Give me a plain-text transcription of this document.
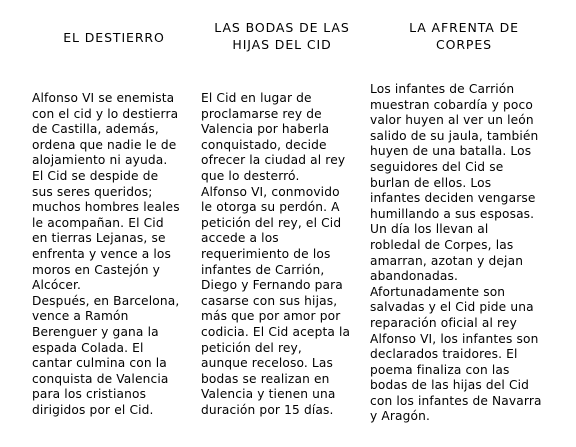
EL DESTIERRO
LAS BODAS DE LAS
HIJAS DEL CID
LA AFRENTA DE
CORPES

Alfonso VI se enemista
con el cid y lo destierra
de Castilla, además,
ordena que nadie le de
alojamiento ni ayuda.
El Cid se despide de
sus seres queridos;
muchos hombres leales
le acompañan. El Cid
en tierras Lejanas, se
enfrenta y vence a los
moros en Castejón y
Alcócer.
Después, en Barcelona,
vence a Ramón
Berenguer y gana la
espada Colada. El
cantar culmina con la
conquista de Valencia
para los cristianos
dirigidos por el Cid.

El Cid en lugar de
proclamarse rey de
Valencia por haberla
conquistado, decide
ofrecer la ciudad al rey
que lo desterró.
Alfonso VI, conmovido
le otorga su perdón. A
petición del rey, el Cid
accede a los
requerimiento de los
infantes de Carrión,
Diego y Fernando para
casarse con sus hijas,
más que por amor por
codicia. El Cid acepta la
petición del rey,
aunque receloso. Las
bodas se realizan en
Valencia y tienen una
duración por 15 días.

Los infantes de Carrión
muestran cobardía y poco
valor huyen al ver un león
salido de su jaula, también
huyen de una batalla. Los
seguidores del Cid se
burlan de ellos. Los
infantes deciden vengarse
humillando a sus esposas.
Un día los llevan al
robledal de Corpes, las
amarran, azotan y dejan
abandonadas.
Afortunadamente son
salvadas y el Cid pide una
reparación oficial al rey
Alfonso VI, los infantes son
declarados traidores. El
poema finaliza con las
bodas de las hijas del Cid
con los infantes de Navarra
y Aragón.
